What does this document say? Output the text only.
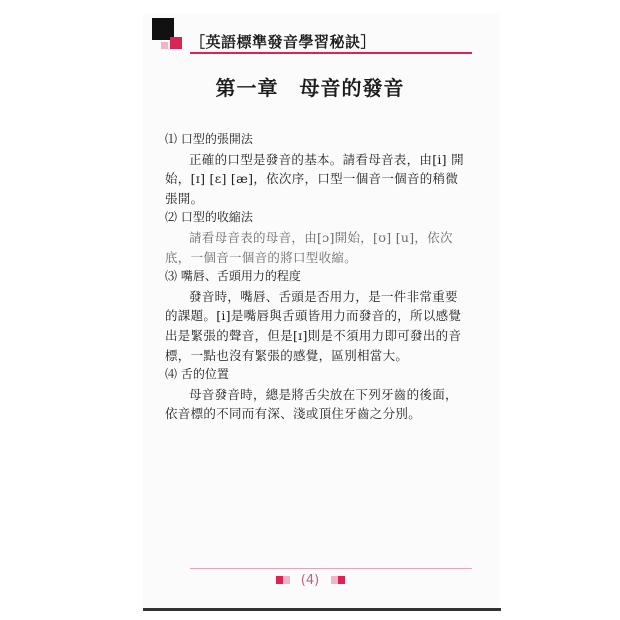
［英語標準發音學習秘訣］
第一章　母音的發音

⑴ 口型的張開法

正確的口型是發音的基本。請看母音表，由[i] 開始，[ɪ] [ɛ] [æ]，依次序，口型一個音一個音的稍微張開。

⑵ 口型的收縮法

請看母音表的母音，由[ɔ]開始，[ʊ] [u]，依次底，一個音一個音的將口型收縮。

⑶ 嘴唇、舌頭用力的程度

發音時，嘴唇、舌頭是否用力，是一件非常重要的課題。[i]是嘴唇與舌頭皆用力而發音的，所以感覺出是緊張的聲音，但是[ɪ]則是不須用力即可發出的音標，一點也沒有緊張的感覺，區別相當大。

⑷ 舌的位置

母音發音時，總是將舌尖放在下列牙齒的後面，依音標的不同而有深、淺或頂住牙齒之分別。

(4)
